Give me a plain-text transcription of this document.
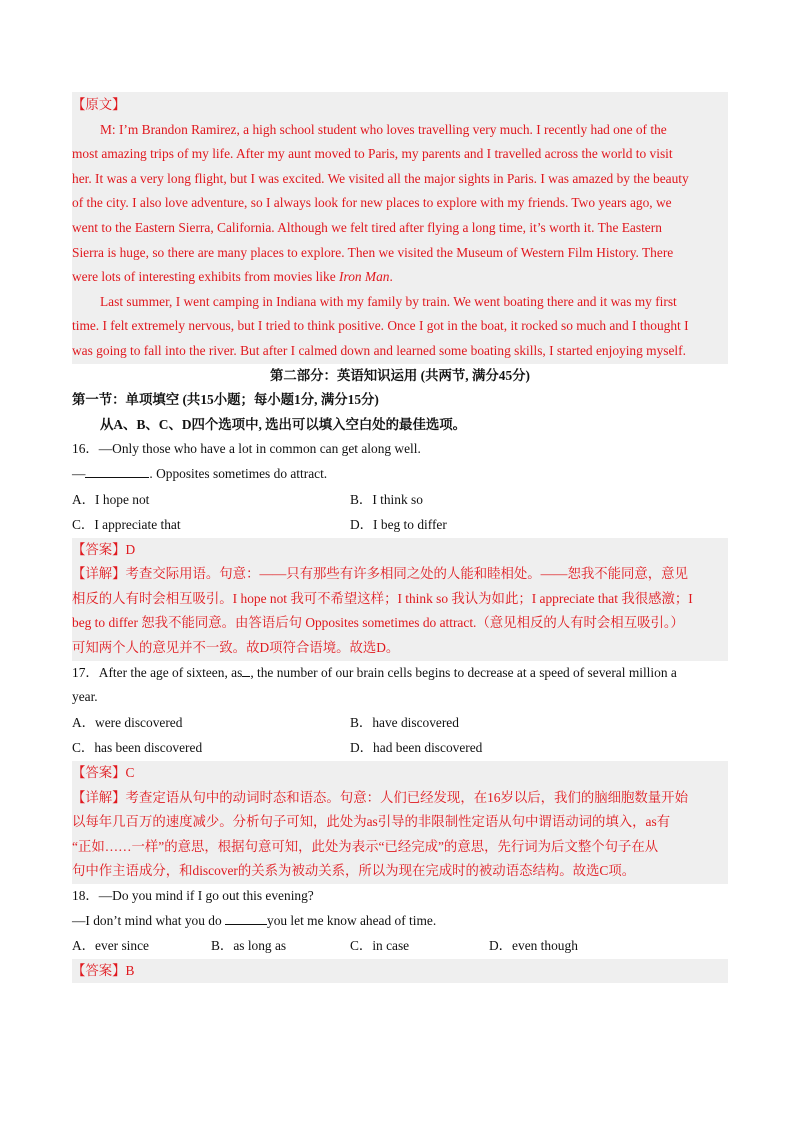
【原文】
M: I’m Brandon Ramirez, a high school student who loves travelling very much. I recently had one of the
most amazing trips of my life. After my aunt moved to Paris, my parents and I travelled across the world to visit
her. It was a very long flight, but I was excited. We visited all the major sights in Paris. I was amazed by the beauty
of the city. I also love adventure, so I always look for new places to explore with my friends. Two years ago, we
went to the Eastern Sierra, California. Although we felt tired after flying a long time, it’s worth it. The Eastern
Sierra is huge, so there are many places to explore. Then we visited the Museum of Western Film History. There
were lots of interesting exhibits from movies like Iron Man.
Last summer, I went camping in Indiana with my family by train. We went boating there and it was my first
time. I felt extremely nervous, but I tried to think positive. Once I got in the boat, it rocked so much and I thought I
was going to fall into the river. But after I calmed down and learned some boating skills, I started enjoying myself.
第二部分：英语知识运用 (共两节, 满分45分)
第一节：单项填空 (共15小题；每小题1分, 满分15分)
从A、B、C、D四个选项中, 选出可以填入空白处的最佳选项。
16．—Only those who have a lot in common can get along well.
—	. Opposites sometimes do attract.
A．I hope not	B．I think so
C．I appreciate that	D．I beg to differ
【答案】D
【详解】考查交际用语。句意：——只有那些有许多相同之处的人能和睦相处。——恕我不能同意，意见
相反的人有时会相互吸引。I hope not 我可不希望这样；I think so 我认为如此；I appreciate that 我很感激；I
beg to differ 恕我不能同意。由答语后句 Opposites sometimes do attract.（意见相反的人有时会相互吸引。）
可知两个人的意见并不一致。故D项符合语境。故选D。
17．After the age of sixteen, as , the number of our brain cells begins to decrease at a speed of several million a
year.
A．were discovered	B．have discovered
C．has been discovered	D．had been discovered
【答案】C
【详解】考查定语从句中的动词时态和语态。句意：人们已经发现，在16岁以后，我们的脑细胞数量开始
以每年几百万的速度减少。分析句子可知，此处为as引导的非限制性定语从句中谓语动词的填入，as有
“正如……一样”的意思，根据句意可知，此处为表示“已经完成”的意思，先行词为后文整个句子在从
句中作主语成分，和discover的关系为被动关系，所以为现在完成时的被动语态结构。故选C项。
18．—Do you mind if I go out this evening?
—I don’t mind what you do	you let me know ahead of time.
A．ever since	B．as long as	C．in case	D．even though
【答案】B
